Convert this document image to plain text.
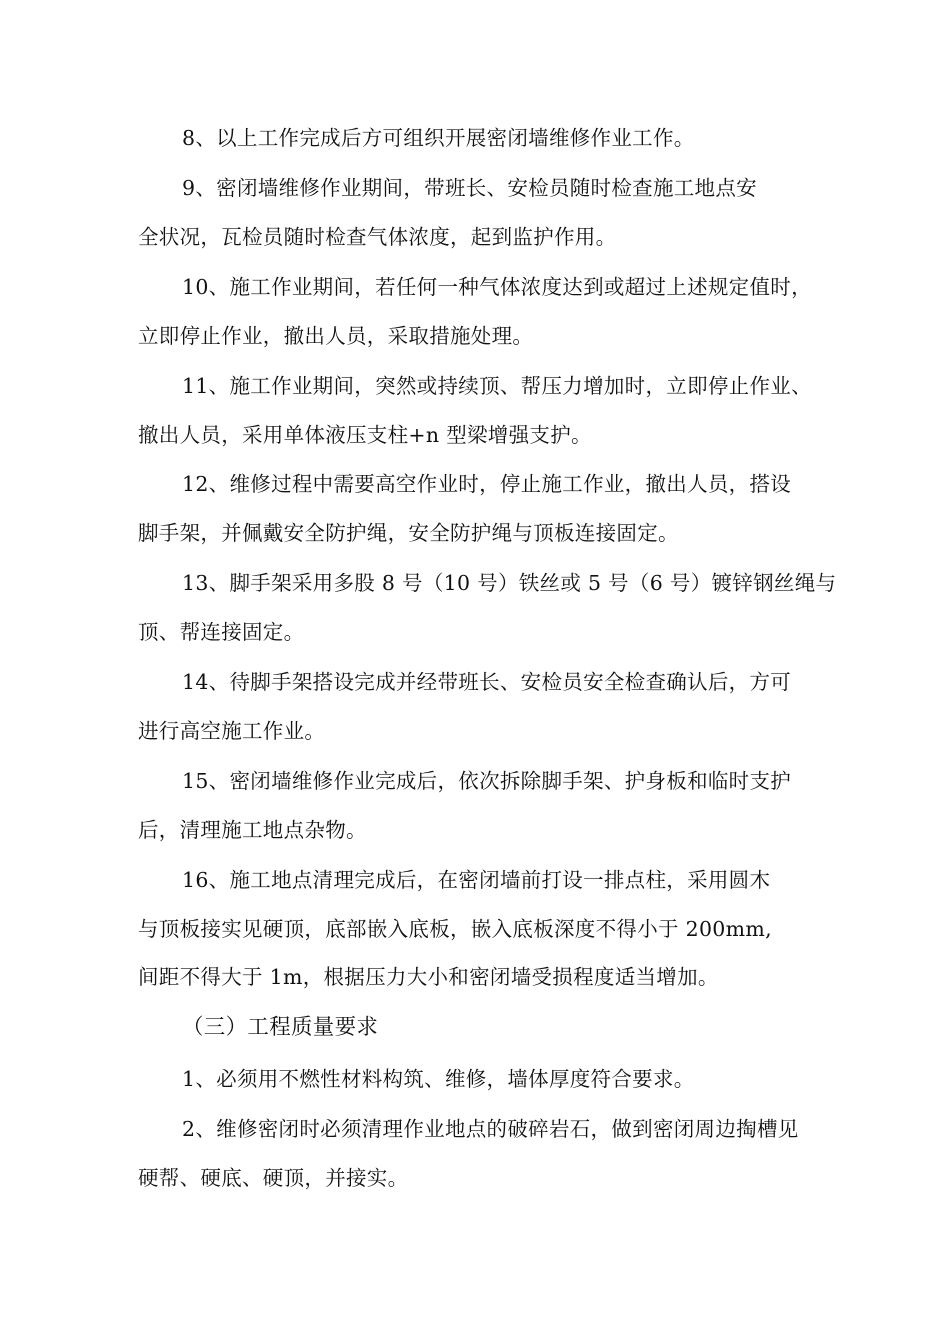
8、以上工作完成后方可组织开展密闭墙维修作业工作。
9、密闭墙维修作业期间，带班长、安检员随时检查施工地点安
全状况，瓦检员随时检查气体浓度，起到监护作用。
10、施工作业期间，若任何一种气体浓度达到或超过上述规定值时，
立即停止作业，撤出人员，采取措施处理。
11、施工作业期间，突然或持续顶、帮压力增加时，立即停止作业、
撤出人员，采用单体液压支柱+n 型梁增强支护。
12、维修过程中需要高空作业时，停止施工作业，撤出人员，搭设
脚手架，并佩戴安全防护绳，安全防护绳与顶板连接固定。
13、脚手架采用多股 8 号（10 号）铁丝或 5 号（6 号）镀锌钢丝绳与
顶、帮连接固定。
14、待脚手架搭设完成并经带班长、安检员安全检查确认后，方可
进行高空施工作业。
15、密闭墙维修作业完成后，依次拆除脚手架、护身板和临时支护
后，清理施工地点杂物。
16、施工地点清理完成后，在密闭墙前打设一排点柱，采用圆木
与顶板接实见硬顶，底部嵌入底板，嵌入底板深度不得小于 200mm,
间距不得大于 1m，根据压力大小和密闭墙受损程度适当增加。
（三）工程质量要求
1、必须用不燃性材料构筑、维修，墙体厚度符合要求。
2、维修密闭时必须清理作业地点的破碎岩石，做到密闭周边掏槽见
硬帮、硬底、硬顶，并接实。
